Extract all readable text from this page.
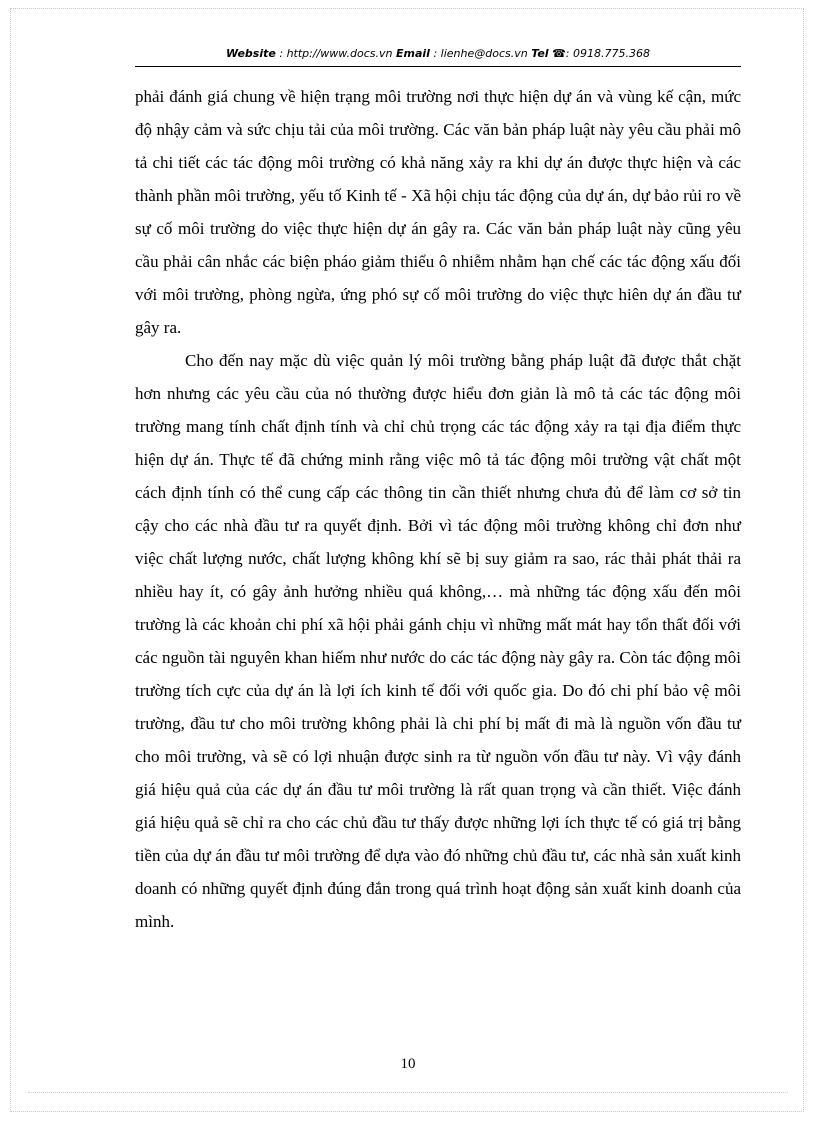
Website : http://www.docs.vn Email : lienhe@docs.vn Tel ☎: 0918.775.368

phải đánh giá chung về hiện trạng môi trường nơi thực hiện dự án và vùng kế cận, mức độ nhậy cảm và sức chịu tải của môi trường. Các văn bản pháp luật này yêu cầu phải mô tả chi tiết các tác động môi trường có khả năng xảy ra khi dự án được thực hiện và các thành phần môi trường, yếu tố Kinh tế - Xã hội chịu tác động của dự án, dự bảo rủi ro về sự cố môi trường do việc thực hiện dự án gây ra. Các văn bản pháp luật này cũng yêu cầu phải cân nhắc các biện pháo giảm thiểu ô nhiễm nhằm hạn chế các tác động xấu đối với môi trường, phòng ngừa, ứng phó sự cố môi trường do việc thực hiên dự án đầu tư gây ra.

Cho đến nay mặc dù việc quản lý môi trường bằng pháp luật đã được thắt chặt hơn nhưng các yêu cầu của nó thường được hiểu đơn giản là mô tả các tác động môi trường mang tính chất định tính và chỉ chủ trọng các tác động xảy ra tại địa điểm thực hiện dự án. Thực tế đã chứng minh rằng việc mô tả tác động môi trường vật chất một cách định tính có thể cung cấp các thông tin cần thiết nhưng chưa đủ để làm cơ sở tin cậy cho các nhà đầu tư ra quyết định. Bởi vì tác động môi trường không chỉ đơn như việc chất lượng nước, chất lượng không khí sẽ bị suy giảm ra sao, rác thải phát thải ra nhiều hay ít, có gây ảnh hưởng nhiều quá không,… mà những tác động xấu đến môi trường là các khoản chi phí xã hội phải gánh chịu vì những mất mát hay tổn thất đối với các nguồn tài nguyên khan hiếm như nước do các tác động này gây ra. Còn tác động môi trường tích cực của dự án là lợi ích kinh tế đối với quốc gia. Do đó chi phí bảo vệ môi trường, đầu tư cho môi trường không phải là chi phí bị mất đi mà là nguồn vốn đầu tư cho môi trường, và sẽ có lợi nhuận được sinh ra từ nguồn vốn đầu tư này. Vì vậy đánh giá hiệu quả của các dự án đầu tư môi trường là rất quan trọng và cần thiết. Việc đánh giá hiệu quả sẽ chỉ ra cho các chủ đầu tư thấy được những lợi ích thực tế có giá trị bằng tiền của dự án đầu tư môi trường để dựa vào đó những chủ đầu tư, các nhà sản xuất kinh doanh có những quyết định đúng đắn trong quá trình hoạt động sản xuất kinh doanh của mình.

10
